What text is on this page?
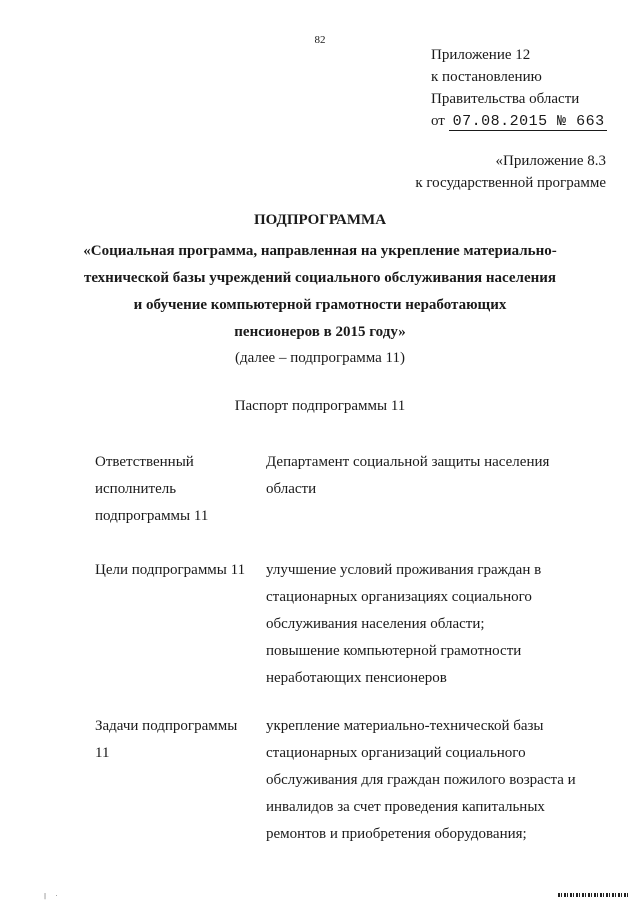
82
Приложение 12
к постановлению
Правительства области
от 07.08.2015 № 663
«Приложение 8.3
к государственной программе
ПОДПРОГРАММА
«Социальная программа, направленная на укрепление материально-
технической базы учреждений социального обслуживания населения
и обучение компьютерной грамотности неработающих
пенсионеров в 2015 году»
(далее – подпрограмма 11)
Паспорт подпрограммы 11
Ответственный
исполнитель
подпрограммы 11
Департамент социальной защиты населения
области
Цели подпрограммы 11 улучшение условий проживания граждан в
стационарных организациях социального
обслуживания населения области;
повышение компьютерной грамотности
неработающих пенсионеров
Задачи подпрограммы
11
укрепление материально-технической базы
стационарных организаций социального
обслуживания для граждан пожилого возраста и
инвалидов за счет проведения капитальных
ремонтов и приобретения оборудования;
|     ·
